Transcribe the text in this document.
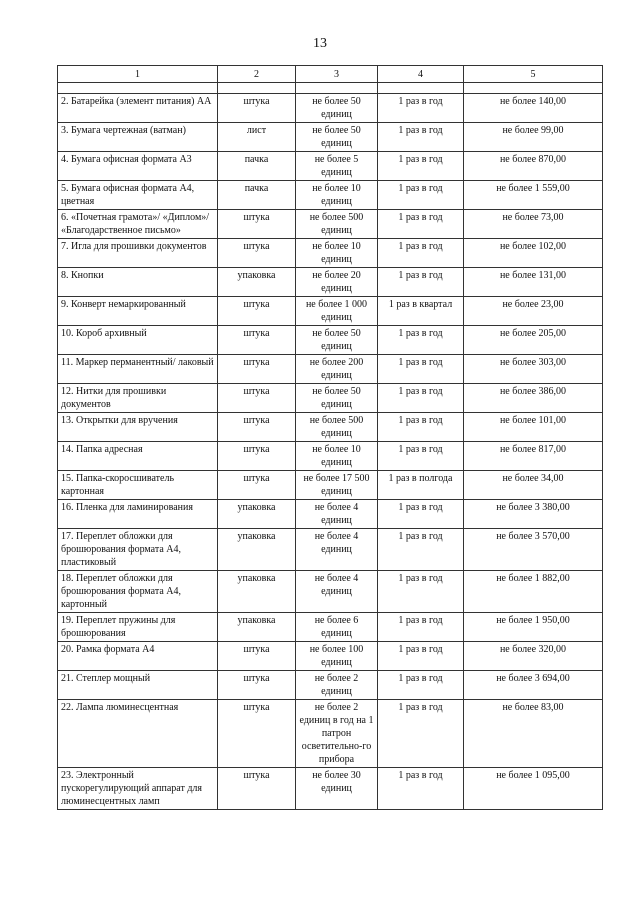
13
1	2	3	4	5

2. Батарейка (элемент питания) АА	штука	не более 50 единиц	1 раз в год	не более 140,00
3. Бумага чертежная (ватман)	лист	не более 50 единиц	1 раз в год	не более 99,00
4. Бумага офисная формата А3	пачка	не более 5 единиц	1 раз в год	не более 870,00
5. Бумага офисная формата А4, цветная	пачка	не более 10 единиц	1 раз в год	не более 1 559,00
6. «Почетная грамота»/ «Диплом»/ «Благодарственное письмо»	штука	не более 500 единиц	1 раз в год	не более 73,00
7. Игла для прошивки документов	штука	не более 10 единиц	1 раз в год	не более 102,00
8. Кнопки	упаковка	не более 20 единиц	1 раз в год	не более 131,00
9. Конверт немаркированный	штука	не более 1 000 единиц	1 раз в квартал	не более 23,00
10. Короб архивный	штука	не более 50 единиц	1 раз в год	не более 205,00
11. Маркер перманентный/ лаковый	штука	не более 200 единиц	1 раз в год	не более 303,00
12. Нитки для прошивки документов	штука	не более 50 единиц	1 раз в год	не более 386,00
13. Открытки для вручения	штука	не более 500 единиц	1 раз в год	не более 101,00
14. Папка адресная	штука	не более 10 единиц	1 раз в год	не более 817,00
15. Папка-скоросшиватель картонная	штука	не более 17 500 единиц	1 раз в полгода	не более 34,00
16. Пленка для ламинирования	упаковка	не более 4 единиц	1 раз в год	не более 3 380,00
17. Переплет обложки для брошюрования формата А4, пластиковый	упаковка	не более 4 единиц	1 раз в год	не более 3 570,00
18. Переплет обложки для брошюрования формата А4, картонный	упаковка	не более 4 единиц	1 раз в год	не более 1 882,00
19. Переплет пружины для брошюрования	упаковка	не более 6 единиц	1 раз в год	не более 1 950,00
20. Рамка формата А4	штука	не более 100 единиц	1 раз в год	не более 320,00
21. Степлер мощный	штука	не более 2 единиц	1 раз в год	не более 3 694,00
22. Лампа люминесцентная	штука	не более 2 единиц в год на 1 патрон осветительно-го прибора	1 раз в год	не более 83,00
23. Электронный пускорегулирующий аппарат для люминесцентных ламп	штука	не более 30 единиц	1 раз в год	не более 1 095,00
